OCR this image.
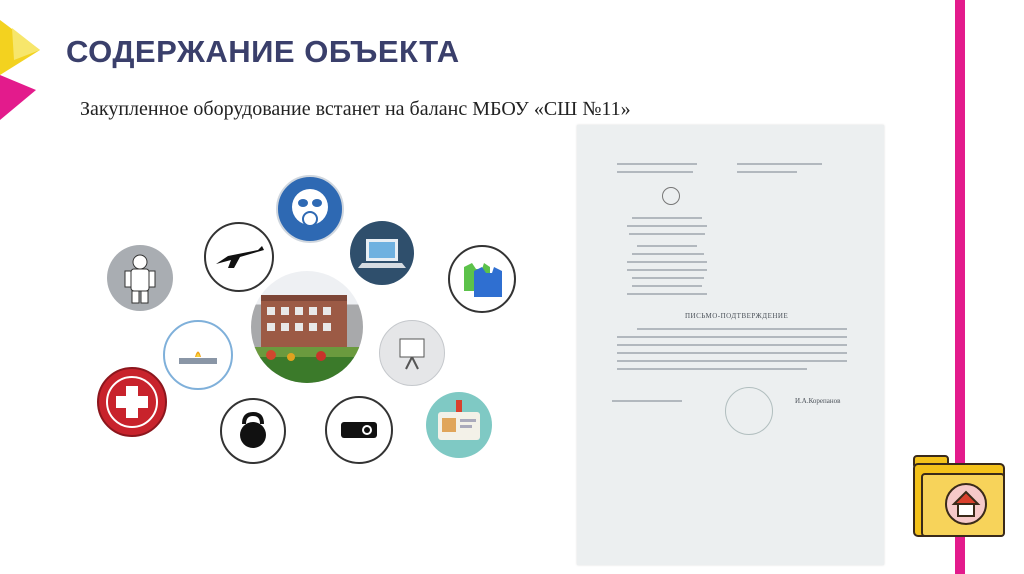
СОДЕРЖАНИЕ ОБЪЕКТА
Закупленное оборудование встанет на баланс МБОУ «СШ №11»
ПИСЬМО-ПОДТВЕРЖДЕНИЕ
И.А.Корепанов
